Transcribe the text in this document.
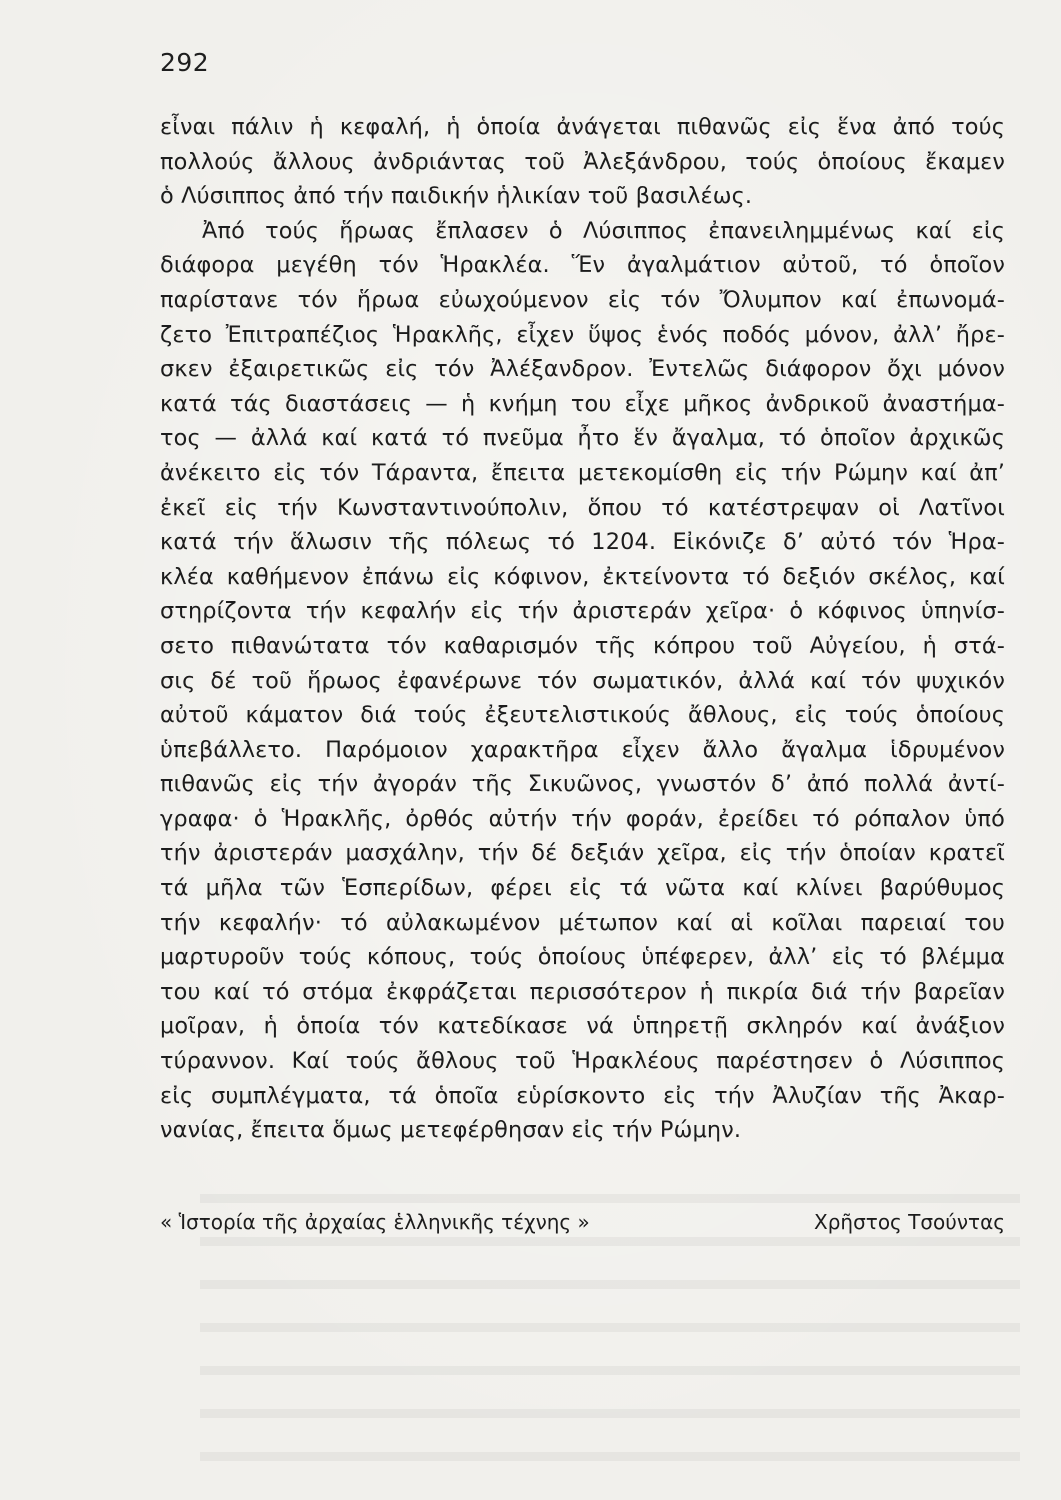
292
εἶναι πάλιν ἡ κεφαλή, ἡ ὁποία ἀνάγεται πιθανῶς εἰς ἕνα ἀπό τούς
πολλούς ἄλλους ἀνδριάντας τοῦ Ἀλεξάνδρου, τούς ὁποίους ἔκαμεν
ὁ Λύσιππος ἀπό τήν παιδικήν ἡλικίαν τοῦ βασιλέως.
Ἀπό τούς ἥρωας ἔπλασεν ὁ Λύσιππος ἐπανειλημμένως καί εἰς
διάφορα μεγέθη τόν Ἡρακλέα. Ἕν ἀγαλμάτιον αὐτοῦ, τό ὁποῖον
παρίστανε τόν ἥρωα εὐωχούμενον εἰς τόν Ὄλυμπον καί ἐπωνομά-
ζετο Ἐπιτραπέζιος Ἡρακλῆς, εἶχεν ὕψος ἑνός ποδός μόνον, ἀλλ’ ἤρε-
σκεν ἐξαιρετικῶς εἰς τόν Ἀλέξανδρον. Ἐντελῶς διάφορον ὄχι μόνον
κατά τάς διαστάσεις — ἡ κνήμη του εἶχε μῆκος ἀνδρικοῦ ἀναστήμα-
τος — ἀλλά καί κατά τό πνεῦμα ἦτο ἕν ἄγαλμα, τό ὁποῖον ἀρχικῶς
ἀνέκειτο εἰς τόν Τάραντα, ἔπειτα μετεκομίσθη εἰς τήν Ρώμην καί ἀπ’
ἐκεῖ εἰς τήν Κωνσταντινούπολιν, ὅπου τό κατέστρεψαν οἱ Λατῖνοι
κατά τήν ἅλωσιν τῆς πόλεως τό 1204. Εἰκόνιζε δ’ αὐτό τόν Ἡρα-
κλέα καθήμενον ἐπάνω εἰς κόφινον, ἐκτείνοντα τό δεξιόν σκέλος, καί
στηρίζοντα τήν κεφαλήν εἰς τήν ἀριστεράν χεῖρα· ὁ κόφινος ὑπηνίσ-
σετο πιθανώτατα τόν καθαρισμόν τῆς κόπρου τοῦ Αὐγείου, ἡ στά-
σις δέ τοῦ ἥρωος ἐφανέρωνε τόν σωματικόν, ἀλλά καί τόν ψυχικόν
αὐτοῦ κάματον διά τούς ἐξευτελιστικούς ἄθλους, εἰς τούς ὁποίους
ὑπεβάλλετο. Παρόμοιον χαρακτῆρα εἶχεν ἄλλο ἄγαλμα ἱδρυμένον
πιθανῶς εἰς τήν ἀγοράν τῆς Σικυῶνος, γνωστόν δ’ ἀπό πολλά ἀντί-
γραφα· ὁ Ἡρακλῆς, ὀρθός αὐτήν τήν φοράν, ἐρείδει τό ρόπαλον ὑπό
τήν ἀριστεράν μασχάλην, τήν δέ δεξιάν χεῖρα, εἰς τήν ὁποίαν κρατεῖ
τά μῆλα τῶν Ἑσπερίδων, φέρει εἰς τά νῶτα καί κλίνει βαρύθυμος
τήν κεφαλήν· τό αὐλακωμένον μέτωπον καί αἱ κοῖλαι παρειαί του
μαρτυροῦν τούς κόπους, τούς ὁποίους ὑπέφερεν, ἀλλ’ εἰς τό βλέμμα
του καί τό στόμα ἐκφράζεται περισσότερον ἡ πικρία διά τήν βαρεῖαν
μοῖραν, ἡ ὁποία τόν κατεδίκασε νά ὑπηρετῇ σκληρόν καί ἀνάξιον
τύραννον. Καί τούς ἄθλους τοῦ Ἡρακλέους παρέστησεν ὁ Λύσιππος
εἰς συμπλέγματα, τά ὁποῖα εὑρίσκοντο εἰς τήν Ἀλυζίαν τῆς Ἀκαρ-
νανίας, ἔπειτα ὅμως μετεφέρθησαν εἰς τήν Ρώμην.
« Ἱστορία τῆς ἀρχαίας ἑλληνικῆς τέχνης »	Χρῆστος Τσούντας
